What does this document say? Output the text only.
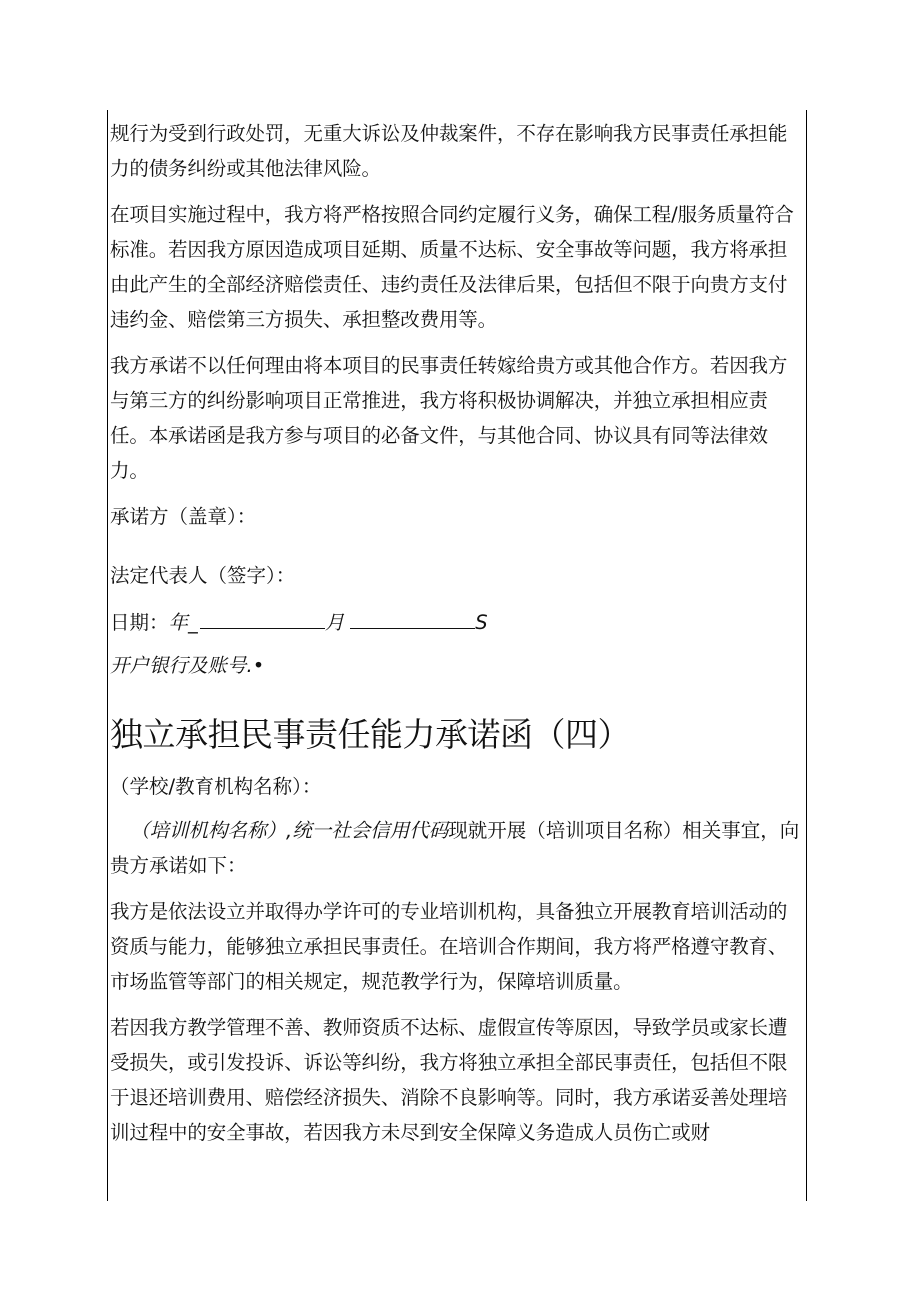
规行为受到行政处罚，无重大诉讼及仲裁案件，不存在影响我方民事责任承担能力的债务纠纷或其他法律风险。

在项目实施过程中，我方将严格按照合同约定履行义务，确保工程/服务质量符合标准。若因我方原因造成项目延期、质量不达标、安全事故等问题，我方将承担由此产生的全部经济赔偿责任、违约责任及法律后果，包括但不限于向贵方支付违约金、赔偿第三方损失、承担整改费用等。

我方承诺不以任何理由将本项目的民事责任转嫁给贵方或其他合作方。若因我方与第三方的纠纷影响项目正常推进，我方将积极协调解决，并独立承担相应责任。本承诺函是我方参与项目的必备文件，与其他合同、协议具有同等法律效力。

承诺方（盖章）：

法定代表人（签字）：

日期： 年_	月	S

开户银行及账号.•

独立承担民事责任能力承诺函（四）

（学校/教育机构名称）：

（培训机构名称）,统一社会信用代码现就开展（培训项目名称）相关事宜，向贵方承诺如下：

我方是依法设立并取得办学许可的专业培训机构，具备独立开展教育培训活动的资质与能力，能够独立承担民事责任。在培训合作期间，我方将严格遵守教育、市场监管等部门的相关规定，规范教学行为，保障培训质量。

若因我方教学管理不善、教师资质不达标、虚假宣传等原因，导致学员或家长遭受损失，或引发投诉、诉讼等纠纷，我方将独立承担全部民事责任，包括但不限于退还培训费用、赔偿经济损失、消除不良影响等。同时，我方承诺妥善处理培训过程中的安全事故，若因我方未尽到安全保障义务造成人员伤亡或财
